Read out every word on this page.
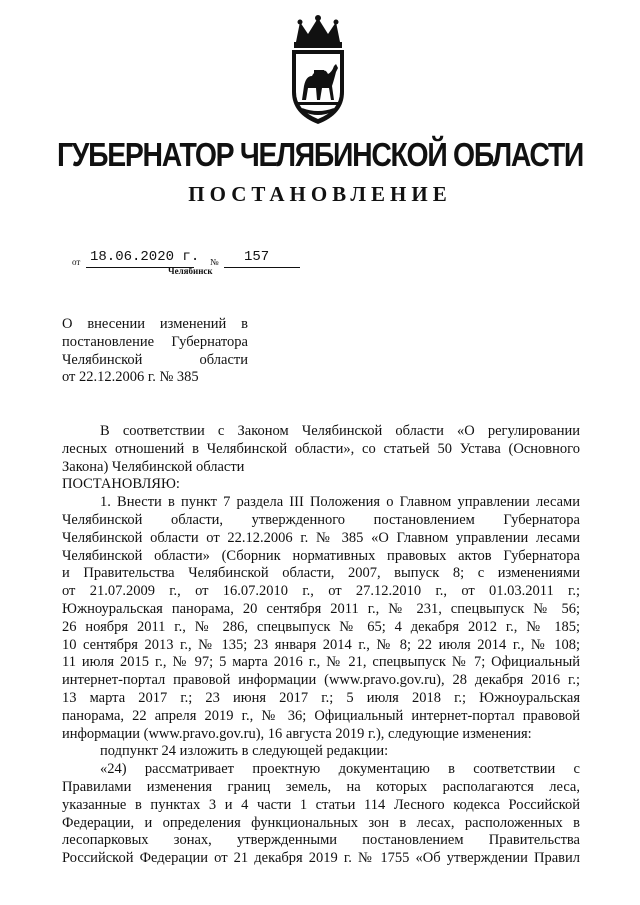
ГУБЕРНАТОР ЧЕЛЯБИНСКОЙ ОБЛАСТИ
ПОСТАНОВЛЕНИЕ
от 18.06.2020 г. № 157
Челябинск
О внесении изменений в
постановление Губернатора
Челябинской области
от 22.12.2006 г. № 385
В соответствии с Законом Челябинской области «О регулировании
лесных отношений в Челябинской области», со статьей 50 Устава (Основного
Закона) Челябинской области
ПОСТАНОВЛЯЮ:
1. Внести в пункт 7 раздела III Положения о Главном управлении лесами
Челябинской области, утвержденного постановлением Губернатора
Челябинской области от 22.12.2006 г. № 385 «О Главном управлении лесами
Челябинской области» (Сборник нормативных правовых актов Губернатора
и Правительства Челябинской области, 2007, выпуск 8; с изменениями
от 21.07.2009 г., от 16.07.2010 г., от 27.12.2010 г., от 01.03.2011 г.;
Южноуральская панорама, 20 сентября 2011 г., № 231, спецвыпуск № 56;
26 ноября 2011 г., № 286, спецвыпуск № 65; 4 декабря 2012 г., № 185;
10 сентября 2013 г., № 135; 23 января 2014 г., № 8; 22 июля 2014 г., № 108;
11 июля 2015 г., № 97; 5 марта 2016 г., № 21, спецвыпуск № 7; Официальный
интернет-портал правовой информации (www.pravo.gov.ru), 28 декабря 2016 г.;
13 марта 2017 г.; 23 июня 2017 г.; 5 июля 2018 г.; Южноуральская
панорама, 22 апреля 2019 г., № 36; Официальный интернет-портал правовой
информации (www.pravo.gov.ru), 16 августа 2019 г.), следующие изменения:
подпункт 24 изложить в следующей редакции:
«24) рассматривает проектную документацию в соответствии с
Правилами изменения границ земель, на которых располагаются леса,
указанные в пунктах 3 и 4 части 1 статьи 114 Лесного кодекса Российской
Федерации, и определения функциональных зон в лесах, расположенных в
лесопарковых зонах, утвержденными постановлением Правительства
Российской Федерации от 21 декабря 2019 г. № 1755 «Об утверждении Правил
